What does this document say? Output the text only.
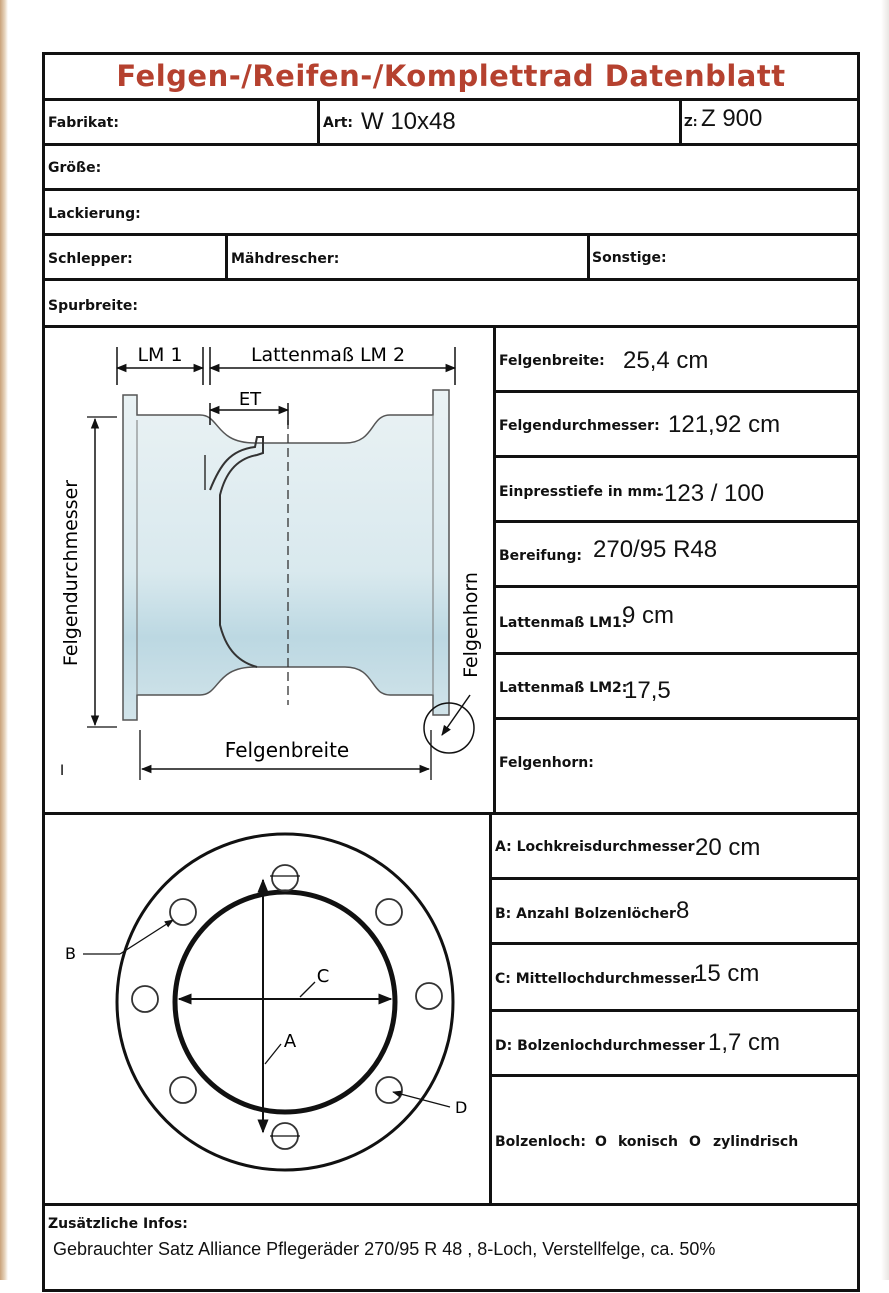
Felgen-/Reifen-/Komplettrad Datenblatt
Fabrikat:	Art: W 10x48	Z: Z 900
Größe:
Lackierung:
Schlepper:	Mähdrescher:	Sonstige:
Spurbreite:
LM 1	Lattenmaß LM 2
ET
Felgendurchmesser
Felgenbreite
Felgenhorn
I
Felgenbreite: 25,4 cm
Felgendurchmesser: 121,92 cm
Einpresstiefe in mm:
-123 / 100
Bereifung: 270/95 R48
Lattenmaß LM1:
9 cm
Lattenmaß LM2:
17,5
Felgenhorn:
A
C
B
D
A: Lochkreisdurchmesser 20 cm
B: Anzahl Bolzenlöcher 8
C: Mittellochdurchmesser
15 cm
D: Bolzenlochdurchmesser 1,7 cm
Bolzenloch: O konisch O zylindrisch
Zusätzliche Infos:
Gebrauchter Satz Alliance Pflegeräder 270/95 R 48 , 8-Loch, Verstellfelge, ca. 50%
